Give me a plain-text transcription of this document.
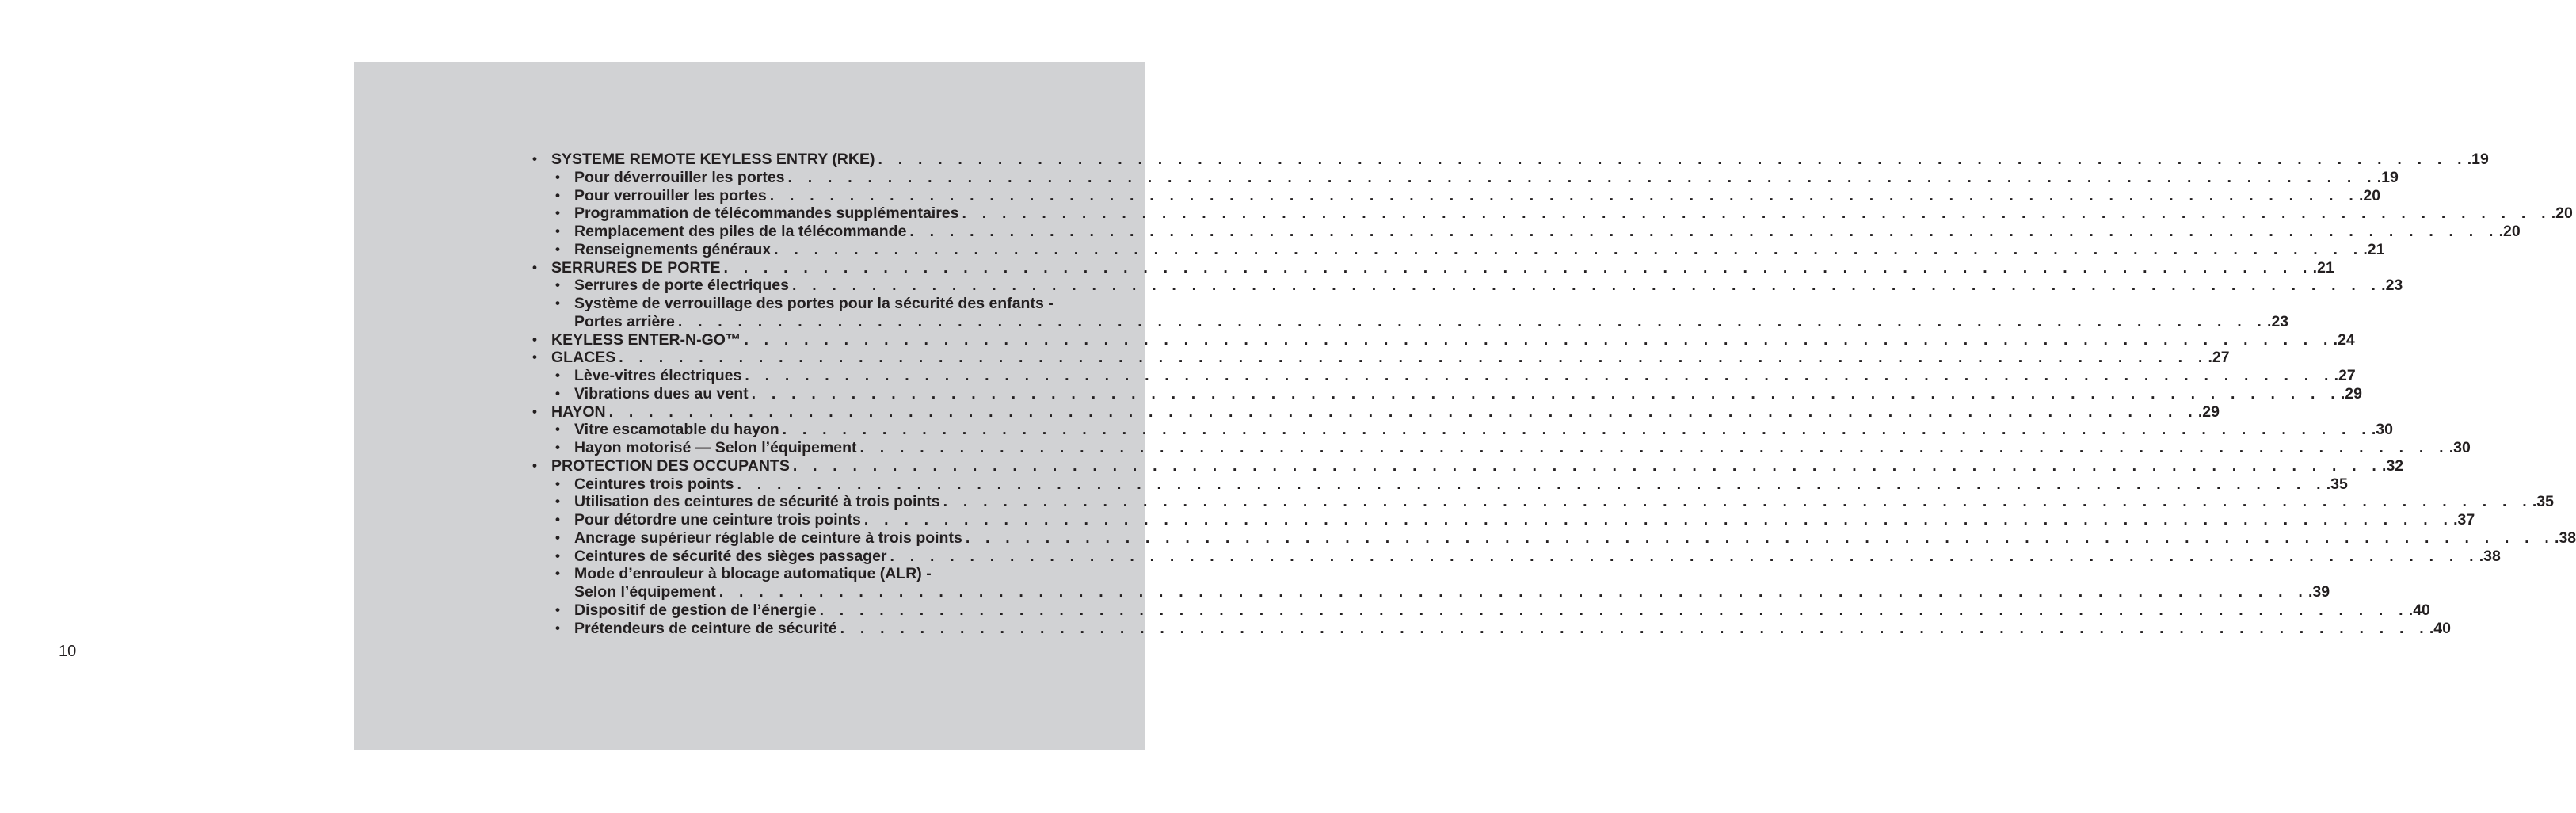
10
• SYSTEME REMOTE KEYLESS ENTRY (RKE) . . . . . . . . . . . . . . . . . . . . . . . . . . . . . . . . . . . . . . . . . . . . . . . . . . . . . . . . . . . . . . . . . . . . . . . . . . . . . . . . .19
• Pour déverrouiller les portes . . . . . . . . . . . . . . . . . . . . . . . . . . . . . . . . . . . . . . . . . . . . . . . . . . . . . . . . . . . . . . . . . . . . . . . . . . . . . . . . .19
• Pour verrouiller les portes . . . . . . . . . . . . . . . . . . . . . . . . . . . . . . . . . . . . . . . . . . . . . . . . . . . . . . . . . . . . . . . . . . . . . . . . . . . . . . . . .20
• Programmation de télécommandes supplémentaires . . . . . . . . . . . . . . . . . . . . . . . . . . . . . . . . . . . . . . . . . . . . . . . . . . . . . . . . . . . . . . . . . . . . . . . . . . . . . . . . .20
• Remplacement des piles de la télécommande . . . . . . . . . . . . . . . . . . . . . . . . . . . . . . . . . . . . . . . . . . . . . . . . . . . . . . . . . . . . . . . . . . . . . . . . . . . . . . . . .20
• Renseignements généraux . . . . . . . . . . . . . . . . . . . . . . . . . . . . . . . . . . . . . . . . . . . . . . . . . . . . . . . . . . . . . . . . . . . . . . . . . . . . . . . . .21
• SERRURES DE PORTE . . . . . . . . . . . . . . . . . . . . . . . . . . . . . . . . . . . . . . . . . . . . . . . . . . . . . . . . . . . . . . . . . . . . . . . . . . . . . . . . .21
• Serrures de porte électriques . . . . . . . . . . . . . . . . . . . . . . . . . . . . . . . . . . . . . . . . . . . . . . . . . . . . . . . . . . . . . . . . . . . . . . . . . . . . . . . . .23
• Système de verrouillage des portes pour la sécurité des enfants -
Portes arrière . . . . . . . . . . . . . . . . . . . . . . . . . . . . . . . . . . . . . . . . . . . . . . . . . . . . . . . . . . . . . . . . . . . . . . . . . . . . . . . . .23
• KEYLESS ENTER-N-GO™ . . . . . . . . . . . . . . . . . . . . . . . . . . . . . . . . . . . . . . . . . . . . . . . . . . . . . . . . . . . . . . . . . . . . . . . . . . . . . . . . .24
• GLACES . . . . . . . . . . . . . . . . . . . . . . . . . . . . . . . . . . . . . . . . . . . . . . . . . . . . . . . . . . . . . . . . . . . . . . . . . . . . . . . . .27
• Lève-vitres électriques . . . . . . . . . . . . . . . . . . . . . . . . . . . . . . . . . . . . . . . . . . . . . . . . . . . . . . . . . . . . . . . . . . . . . . . . . . . . . . . . .27
• Vibrations dues au vent . . . . . . . . . . . . . . . . . . . . . . . . . . . . . . . . . . . . . . . . . . . . . . . . . . . . . . . . . . . . . . . . . . . . . . . . . . . . . . . . .29
• HAYON . . . . . . . . . . . . . . . . . . . . . . . . . . . . . . . . . . . . . . . . . . . . . . . . . . . . . . . . . . . . . . . . . . . . . . . . . . . . . . . . .29
• Vitre escamotable du hayon . . . . . . . . . . . . . . . . . . . . . . . . . . . . . . . . . . . . . . . . . . . . . . . . . . . . . . . . . . . . . . . . . . . . . . . . . . . . . . . . .30
• Hayon motorisé — Selon l’équipement . . . . . . . . . . . . . . . . . . . . . . . . . . . . . . . . . . . . . . . . . . . . . . . . . . . . . . . . . . . . . . . . . . . . . . . . . . . . . . . . .30
• PROTECTION DES OCCUPANTS . . . . . . . . . . . . . . . . . . . . . . . . . . . . . . . . . . . . . . . . . . . . . . . . . . . . . . . . . . . . . . . . . . . . . . . . . . . . . . . . .32
• Ceintures trois points . . . . . . . . . . . . . . . . . . . . . . . . . . . . . . . . . . . . . . . . . . . . . . . . . . . . . . . . . . . . . . . . . . . . . . . . . . . . . . . . .35
• Utilisation des ceintures de sécurité à trois points . . . . . . . . . . . . . . . . . . . . . . . . . . . . . . . . . . . . . . . . . . . . . . . . . . . . . . . . . . . . . . . . . . . . . . . . . . . . . . . . .35
• Pour détordre une ceinture trois points . . . . . . . . . . . . . . . . . . . . . . . . . . . . . . . . . . . . . . . . . . . . . . . . . . . . . . . . . . . . . . . . . . . . . . . . . . . . . . . . .37
• Ancrage supérieur réglable de ceinture à trois points . . . . . . . . . . . . . . . . . . . . . . . . . . . . . . . . . . . . . . . . . . . . . . . . . . . . . . . . . . . . . . . . . . . . . . . . . . . . . . . . .38
• Ceintures de sécurité des sièges passager . . . . . . . . . . . . . . . . . . . . . . . . . . . . . . . . . . . . . . . . . . . . . . . . . . . . . . . . . . . . . . . . . . . . . . . . . . . . . . . . .38
• Mode d’enrouleur à blocage automatique (ALR) -
Selon l’équipement . . . . . . . . . . . . . . . . . . . . . . . . . . . . . . . . . . . . . . . . . . . . . . . . . . . . . . . . . . . . . . . . . . . . . . . . . . . . . . . . .39
• Dispositif de gestion de l’énergie . . . . . . . . . . . . . . . . . . . . . . . . . . . . . . . . . . . . . . . . . . . . . . . . . . . . . . . . . . . . . . . . . . . . . . . . . . . . . . . . .40
• Prétendeurs de ceinture de sécurité . . . . . . . . . . . . . . . . . . . . . . . . . . . . . . . . . . . . . . . . . . . . . . . . . . . . . . . . . . . . . . . . . . . . . . . . . . . . . . . . .40
